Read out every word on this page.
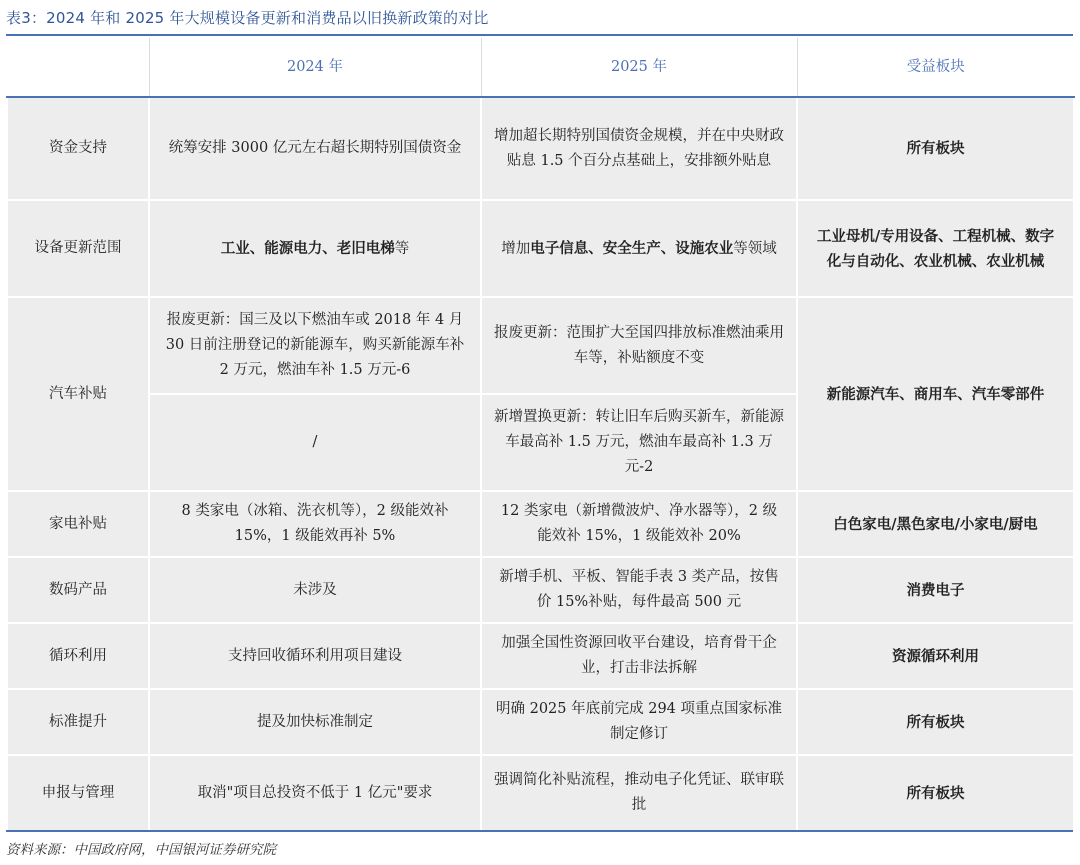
表3：2024 年和 2025 年大规模设备更新和消费品以旧换新政策的对比
	2024 年	2025 年	受益板块
资金支持	统筹安排 3000 亿元左右超长期特别国债资金	增加超长期特别国债资金规模，并在中央财政贴息 1.5 个百分点基础上，安排额外贴息	所有板块
设备更新范围	工业、能源电力、老旧电梯等	增加电子信息、安全生产、设施农业等领域	工业母机/专用设备、工程机械、数字化与自动化、农业机械、农业机械
汽车补贴	报废更新：国三及以下燃油车或 2018 年 4 月 30 日前注册登记的新能源车，购买新能源车补 2 万元，燃油车补 1.5 万元-6	报废更新：范围扩大至国四排放标准燃油乘用车等，补贴额度不变	新能源汽车、商用车、汽车零部件
	/	新增置换更新：转让旧车后购买新车，新能源车最高补 1.5 万元，燃油车最高补 1.3 万元-2	
家电补贴	8 类家电（冰箱、洗衣机等），2 级能效补 15%，1 级能效再补 5%	12 类家电（新增微波炉、净水器等），2 级能效补 15%，1 级能效补 20%	白色家电/黑色家电/小家电/厨电
数码产品	未涉及	新增手机、平板、智能手表 3 类产品，按售价 15%补贴，每件最高 500 元	消费电子
循环利用	支持回收循环利用项目建设	加强全国性资源回收平台建设，培育骨干企业，打击非法拆解	资源循环利用
标准提升	提及加快标准制定	明确 2025 年底前完成 294 项重点国家标准制定修订	所有板块
申报与管理	取消"项目总投资不低于 1 亿元"要求	强调简化补贴流程，推动电子化凭证、联审联批	所有板块
资料来源：中国政府网，中国银河证券研究院
